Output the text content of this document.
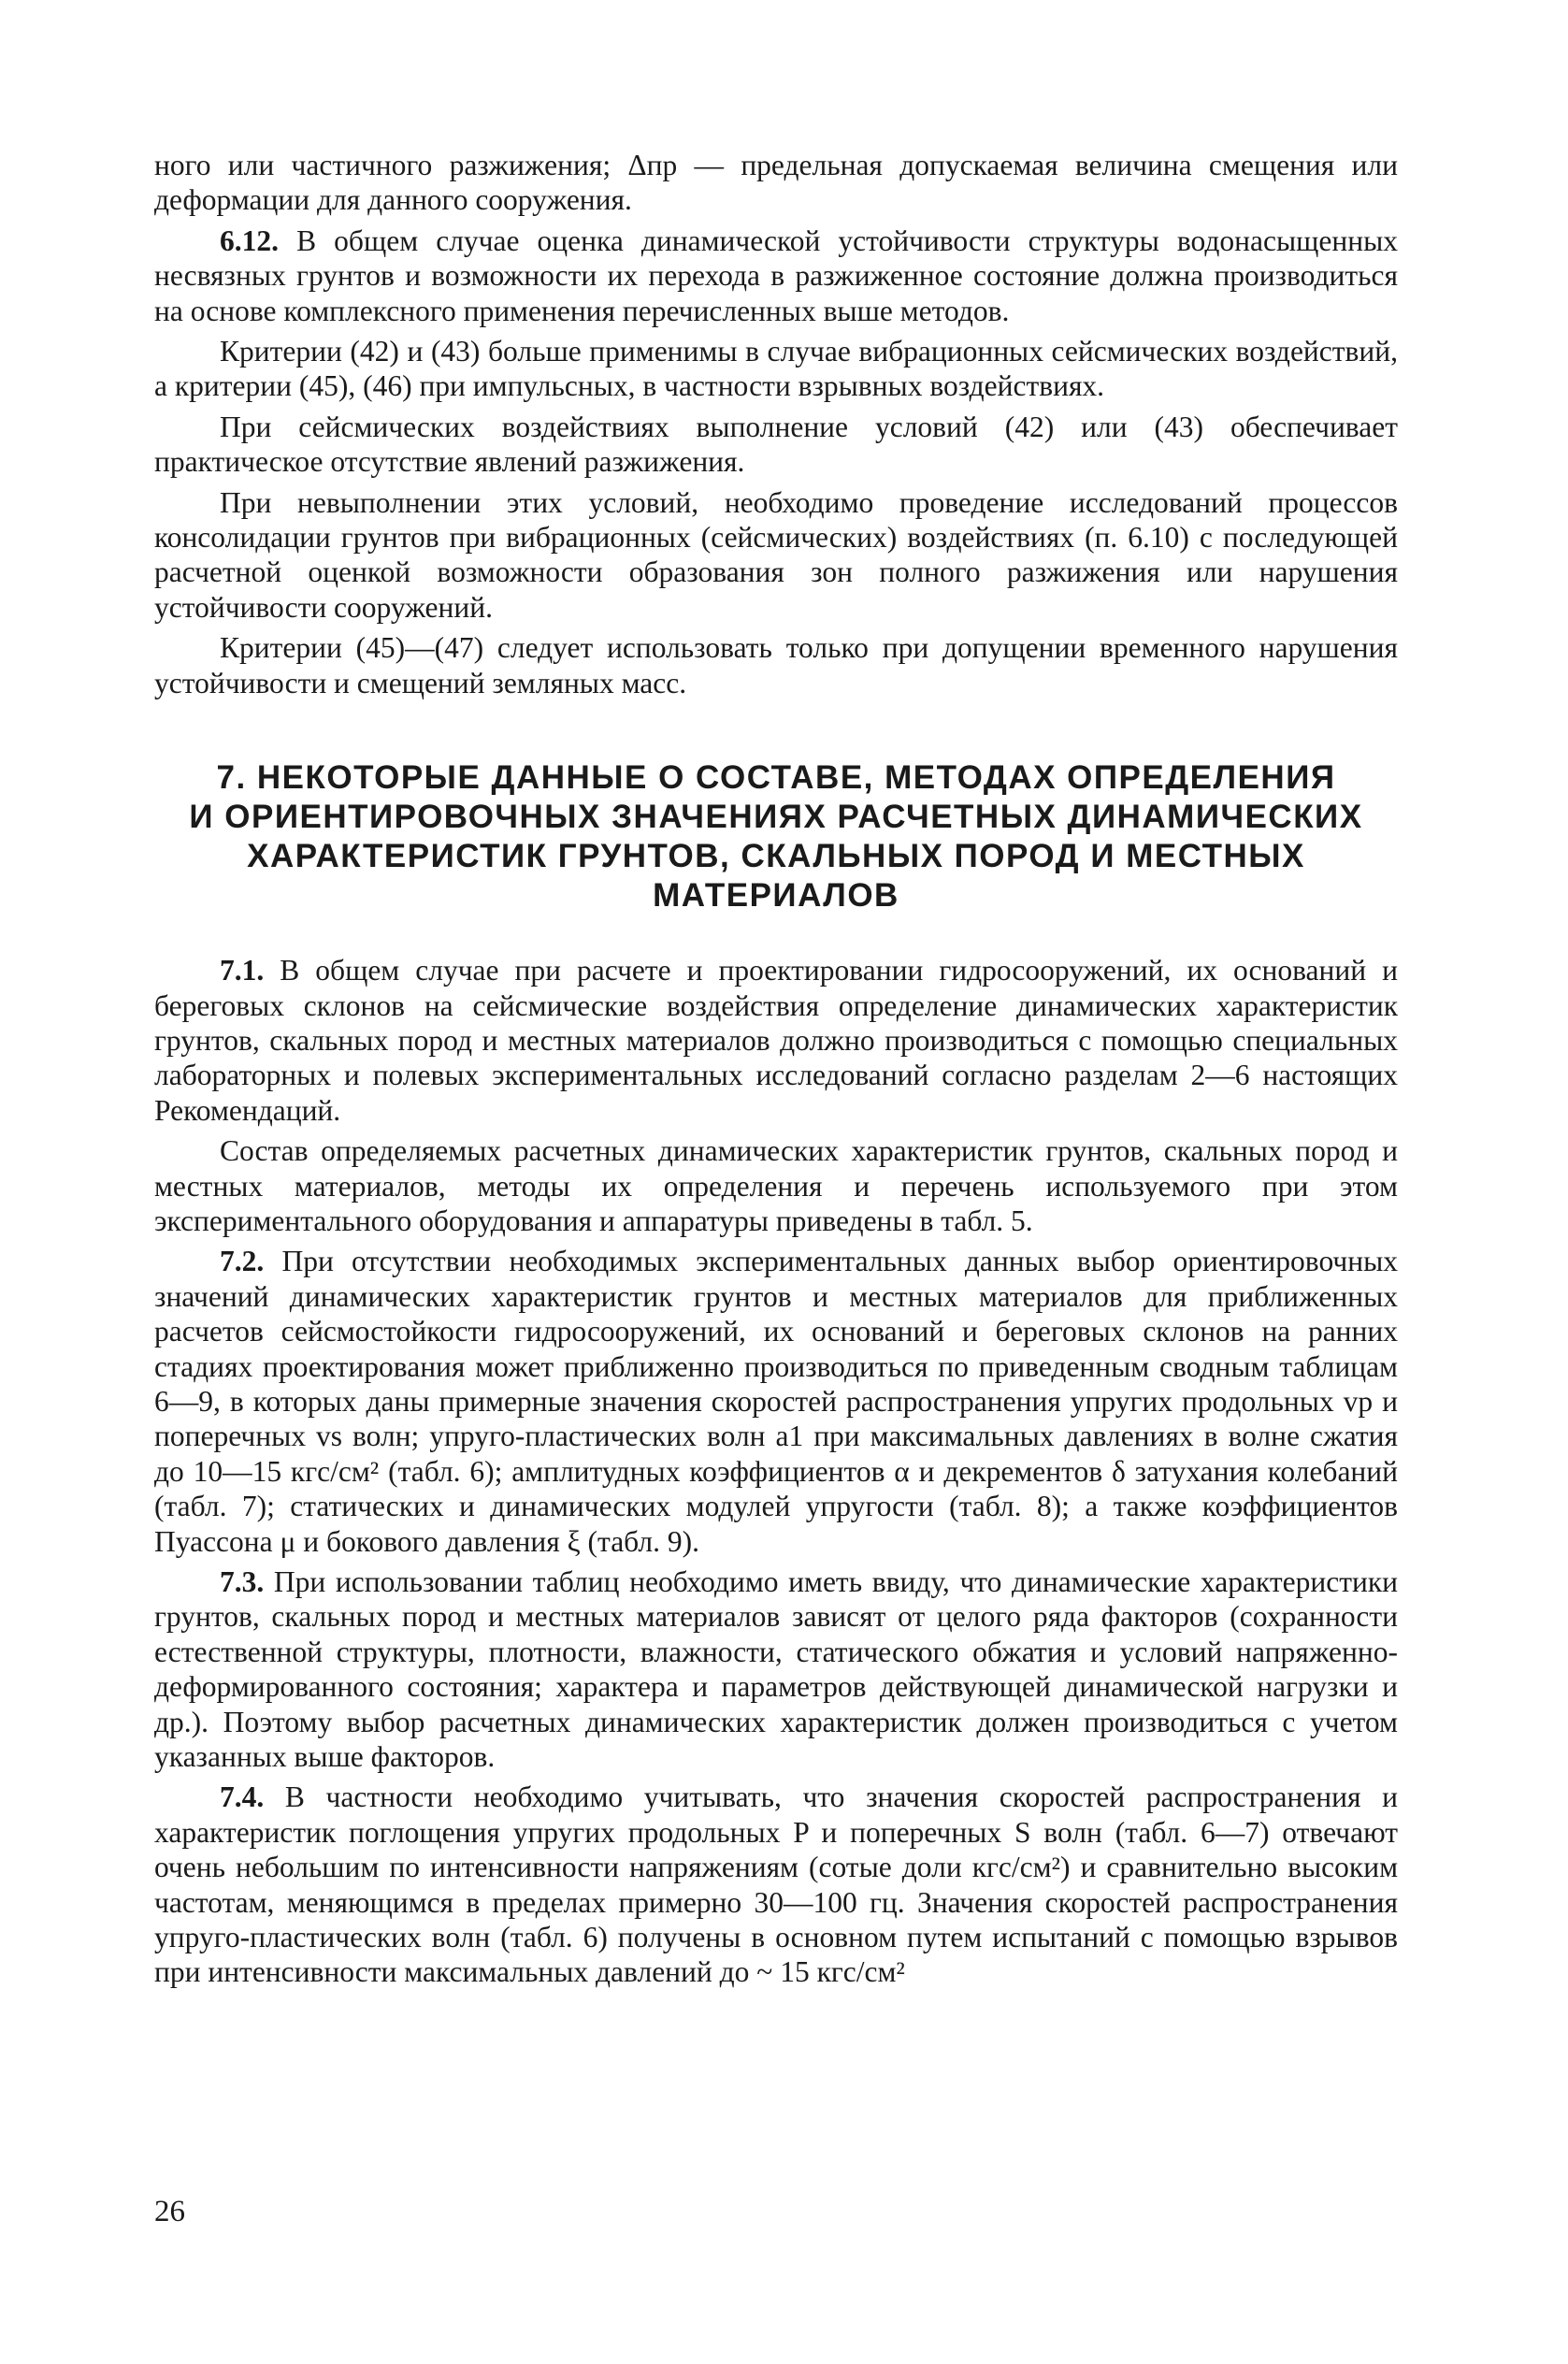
ного или частичного разжижения; Δпр — предельная допускаемая величина смещения или деформации для данного сооружения.

6.12. В общем случае оценка динамической устойчивости структуры водонасыщенных несвязных грунтов и возможности их перехода в разжиженное состояние должна производиться на основе комплексного применения перечисленных выше методов.

Критерии (42) и (43) больше применимы в случае вибрационных сейсмических воздействий, а критерии (45), (46) при импульсных, в частности взрывных воздействиях.

При сейсмических воздействиях выполнение условий (42) или (43) обеспечивает практическое отсутствие явлений разжижения.

При невыполнении этих условий, необходимо проведение исследований процессов консолидации грунтов при вибрационных (сейсмических) воздействиях (п. 6.10) с последующей расчетной оценкой возможности образования зон полного разжижения или нарушения устойчивости сооружений.

Критерии (45)—(47) следует использовать только при допущении временного нарушения устойчивости и смещений земляных масс.

7. НЕКОТОРЫЕ ДАННЫЕ О СОСТАВЕ, МЕТОДАХ ОПРЕДЕЛЕНИЯ
И ОРИЕНТИРОВОЧНЫХ ЗНАЧЕНИЯХ РАСЧЕТНЫХ ДИНАМИЧЕСКИХ
ХАРАКТЕРИСТИК ГРУНТОВ, СКАЛЬНЫХ ПОРОД И МЕСТНЫХ
МАТЕРИАЛОВ

7.1. В общем случае при расчете и проектировании гидросооружений, их оснований и береговых склонов на сейсмические воздействия определение динамических характеристик грунтов, скальных пород и местных материалов должно производиться с помощью специальных лабораторных и полевых экспериментальных исследований согласно разделам 2—6 настоящих Рекомендаций.

Состав определяемых расчетных динамических характеристик грунтов, скальных пород и местных материалов, методы их определения и перечень используемого при этом экспериментального оборудования и аппаратуры приведены в табл. 5.

7.2. При отсутствии необходимых экспериментальных данных выбор ориентировочных значений динамических характеристик грунтов и местных материалов для приближенных расчетов сейсмостойкости гидросооружений, их оснований и береговых склонов на ранних стадиях проектирования может приближенно производиться по приведенным сводным таблицам 6—9, в которых даны примерные значения скоростей распространения упругих продольных vp и поперечных vs волн; упруго-пластических волн a1 при максимальных давлениях в волне сжатия до 10—15 кгс/см² (табл. 6); амплитудных коэффициентов α и декрементов δ затухания колебаний (табл. 7); статических и динамических модулей упругости (табл. 8); а также коэффициентов Пуассона μ и бокового давления ξ (табл. 9).

7.3. При использовании таблиц необходимо иметь ввиду, что динамические характеристики грунтов, скальных пород и местных материалов зависят от целого ряда факторов (сохранности естественной структуры, плотности, влажности, статического обжатия и условий напряженно-деформированного состояния; характера и параметров действующей динамической нагрузки и др.). Поэтому выбор расчетных динамических характеристик должен производиться с учетом указанных выше факторов.

7.4. В частности необходимо учитывать, что значения скоростей распространения и характеристик поглощения упругих продольных P и поперечных S волн (табл. 6—7) отвечают очень небольшим по интенсивности напряжениям (сотые доли кгс/см²) и сравнительно высоким частотам, меняющимся в пределах примерно 30—100 гц. Значения скоростей распространения упруго-пластических волн (табл. 6) получены в основном путем испытаний с помощью взрывов при интенсивности максимальных давлений до ~ 15 кгс/см²

26
